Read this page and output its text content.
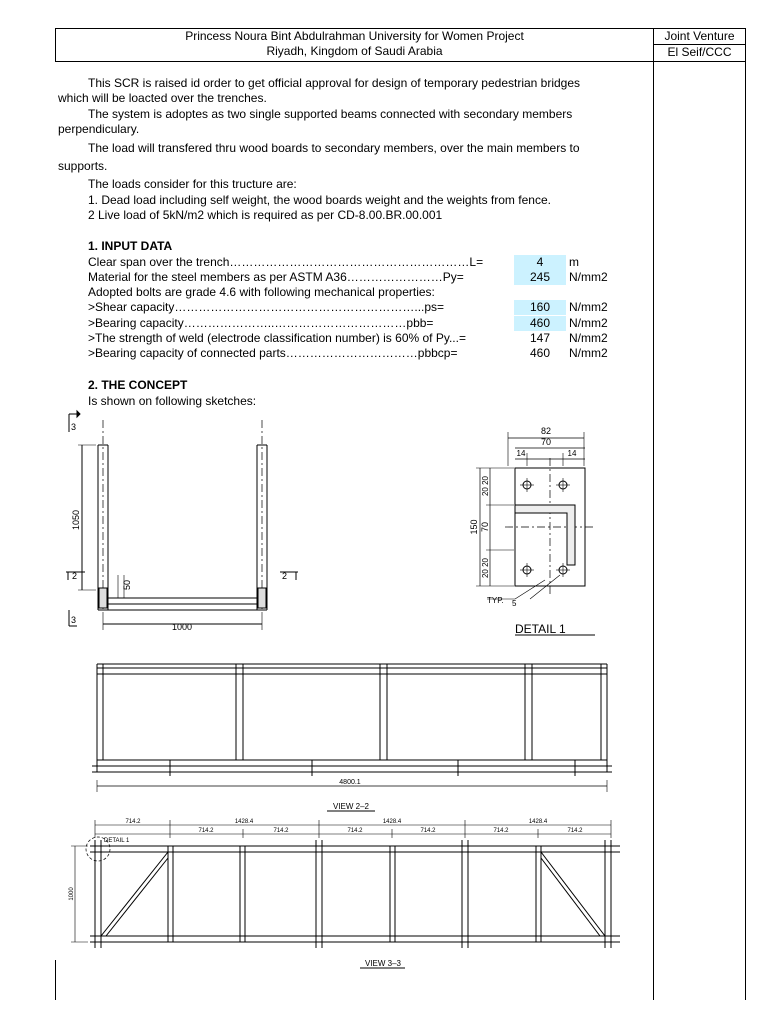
Princess Noura Bint Abdulrahman University for Women Project
Riyadh, Kingdom of Saudi Arabia
Joint Venture
El Seif/CCC
This SCR is raised id order to get official approval for design of temporary pedestrian bridges
which will be loacted over the trenches.
The system is adoptes as two single supported beams connected with secondary members
perpendiculary.
The load will transfered thru wood boards to secondary members, over the main members to
supports.
The loads consider for this tructure are:
1. Dead load including self weight, the wood boards weight and the weights from fence.
2 Live load of 5kN/m2 which is required as per CD-8.00.BR.00.001
1. INPUT DATA
Clear span over the trench……………………………………………………L=	4	m
Material for the steel members as per ASTM A36……………………Py=	245	N/mm2
Adopted bolts are grade 4.6 with following mechanical properties:
>Shear capacity……………………………………………………...ps=	160	N/mm2
>Bearing capacity…………………..……………………………pbb=	460	N/mm2
>The strength of weld (electrode classification number) is 60% of Py...=	147	N/mm2
>Bearing capacity of connected parts……………………………pbbcp=	460	N/mm2
2. THE CONCEPT
Is shown on following sketches:
1050
1000
50
3
3
2	2
82
70
14	14
150 70
20 20
20 20
TYP. 5
DETAIL 1
4800.1
VIEW 2–2
714.2	1428.4	1428.4	1428.4
714.2	714.2	714.2	714.2	714.2	714.2
DETAIL 1
1000
VIEW 3–3
